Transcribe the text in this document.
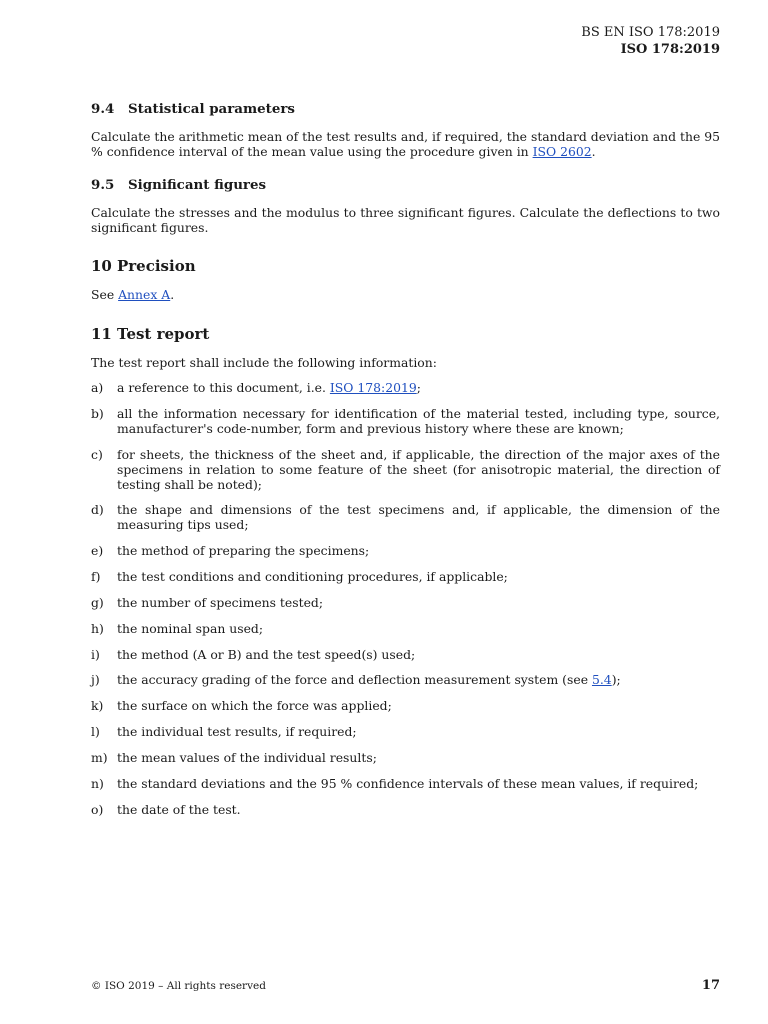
BS EN ISO 178:2019
ISO 178:2019
9.4 Statistical parameters

Calculate the arithmetic mean of the test results and, if required, the standard deviation and the 95 % confidence interval of the mean value using the procedure given in ISO 2602.

9.5 Significant figures

Calculate the stresses and the modulus to three significant figures. Calculate the deflections to two significant figures.

10 Precision

See Annex A.

11 Test report

The test report shall include the following information:

a)	a reference to this document, i.e. ISO 178:2019;
b)	all the information necessary for identification of the material tested, including type, source, manufacturer's code-number, form and previous history where these are known;
c)	for sheets, the thickness of the sheet and, if applicable, the direction of the major axes of the specimens in relation to some feature of the sheet (for anisotropic material, the direction of testing shall be noted);
d)	the shape and dimensions of the test specimens and, if applicable, the dimension of the measuring tips used;
e)	the method of preparing the specimens;
f)	the test conditions and conditioning procedures, if applicable;
g)	the number of specimens tested;
h)	the nominal span used;
i)	the method (A or B) and the test speed(s) used;
j)	the accuracy grading of the force and deflection measurement system (see 5.4);
k)	the surface on which the force was applied;
l)	the individual test results, if required;
m) the mean values of the individual results;
n)	the standard deviations and the 95 % confidence intervals of these mean values, if required;
o)	the date of the test.
© ISO 2019 – All rights reserved	17
